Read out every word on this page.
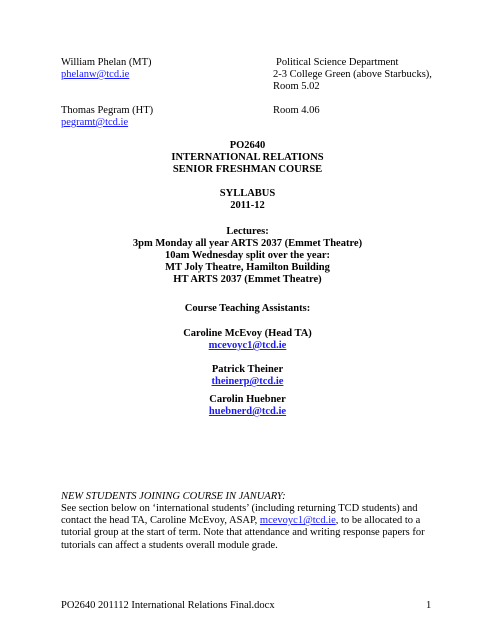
William Phelan (MT)
phelanw@tcd.ie
Thomas Pegram (HT)
pegramt@tcd.ie
Political Science Department
2-3 College Green (above Starbucks),
Room 5.02
Room 4.06
PO2640
INTERNATIONAL RELATIONS
SENIOR FRESHMAN COURSE
SYLLABUS
2011-12
Lectures:
3pm Monday all year ARTS 2037 (Emmet Theatre)
10am Wednesday split over the year:
MT Joly Theatre, Hamilton Building
HT ARTS 2037 (Emmet Theatre)
Course Teaching Assistants:
Caroline McEvoy (Head TA)
mcevoyc1@tcd.ie
Patrick Theiner
theinerp@tcd.ie
Carolin Huebner
huebnerd@tcd.ie
NEW STUDENTS JOINING COURSE IN JANUARY:
See section below on ‘international students’ (including returning TCD students) and contact the head TA, Caroline McEvoy, ASAP, mcevoyc1@tcd.ie, to be allocated to a tutorial group at the start of term. Note that attendance and writing response papers for tutorials can affect a students overall module grade.
PO2640 201112 International Relations Final.docx	1
